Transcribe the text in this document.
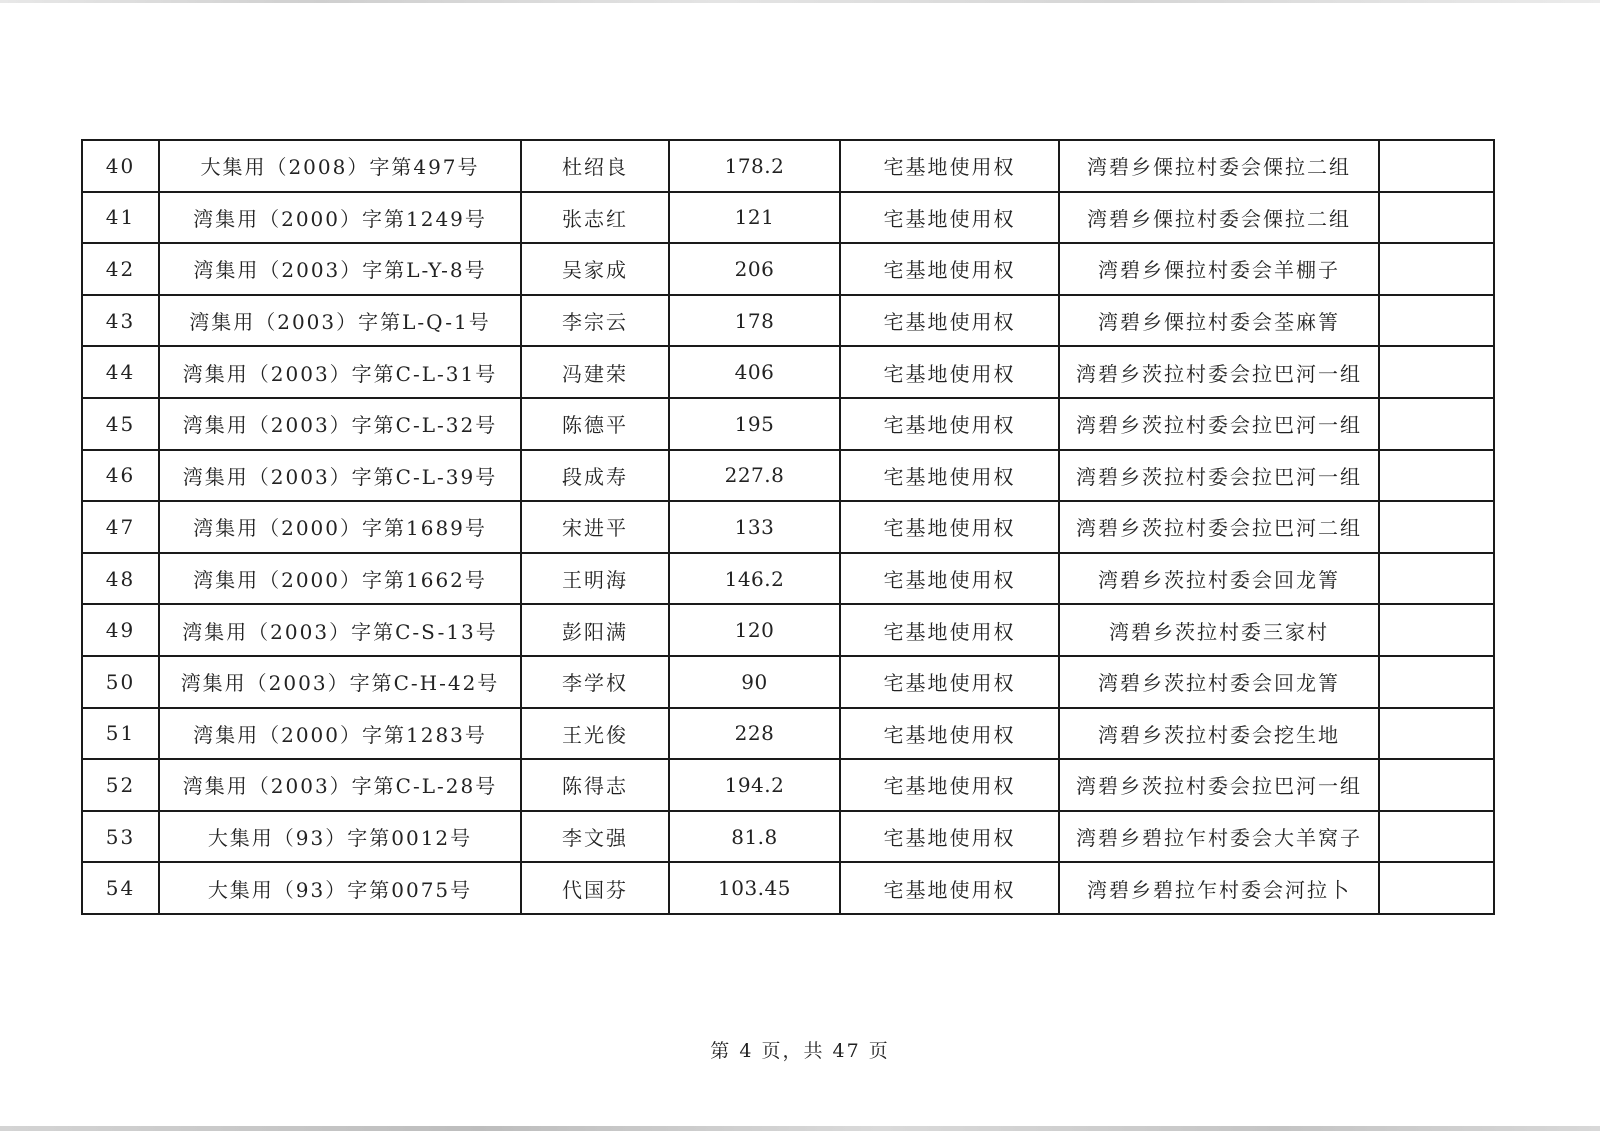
40	大集用（2008）字第497号	杜绍良	178.2	宅基地使用权	湾碧乡傈拉村委会傈拉二组	
41	湾集用（2000）字第1249号	张志红	121	宅基地使用权	湾碧乡傈拉村委会傈拉二组	
42	湾集用（2003）字第L-Y-8号	吴家成	206	宅基地使用权	湾碧乡傈拉村委会羊棚子	
43	湾集用（2003）字第L-Q-1号	李宗云	178	宅基地使用权	湾碧乡傈拉村委会荃麻箐	
44	湾集用（2003）字第C-L-31号	冯建荣	406	宅基地使用权	湾碧乡茨拉村委会拉巴河一组	
45	湾集用（2003）字第C-L-32号	陈德平	195	宅基地使用权	湾碧乡茨拉村委会拉巴河一组	
46	湾集用（2003）字第C-L-39号	段成寿	227.8	宅基地使用权	湾碧乡茨拉村委会拉巴河一组	
47	湾集用（2000）字第1689号	宋进平	133	宅基地使用权	湾碧乡茨拉村委会拉巴河二组	
48	湾集用（2000）字第1662号	王明海	146.2	宅基地使用权	湾碧乡茨拉村委会回龙箐	
49	湾集用（2003）字第C-S-13号	彭阳满	120	宅基地使用权	湾碧乡茨拉村委三家村	
50	湾集用（2003）字第C-H-42号	李学权	90	宅基地使用权	湾碧乡茨拉村委会回龙箐	
51	湾集用（2000）字第1283号	王光俊	228	宅基地使用权	湾碧乡茨拉村委会挖生地	
52	湾集用（2003）字第C-L-28号	陈得志	194.2	宅基地使用权	湾碧乡茨拉村委会拉巴河一组	
53	大集用（93）字第0012号	李文强	81.8	宅基地使用权	湾碧乡碧拉乍村委会大羊窝子	
54	大集用（93）字第0075号	代国芬	103.45	宅基地使用权	湾碧乡碧拉乍村委会河拉卜	
第 4 页，共 47 页
